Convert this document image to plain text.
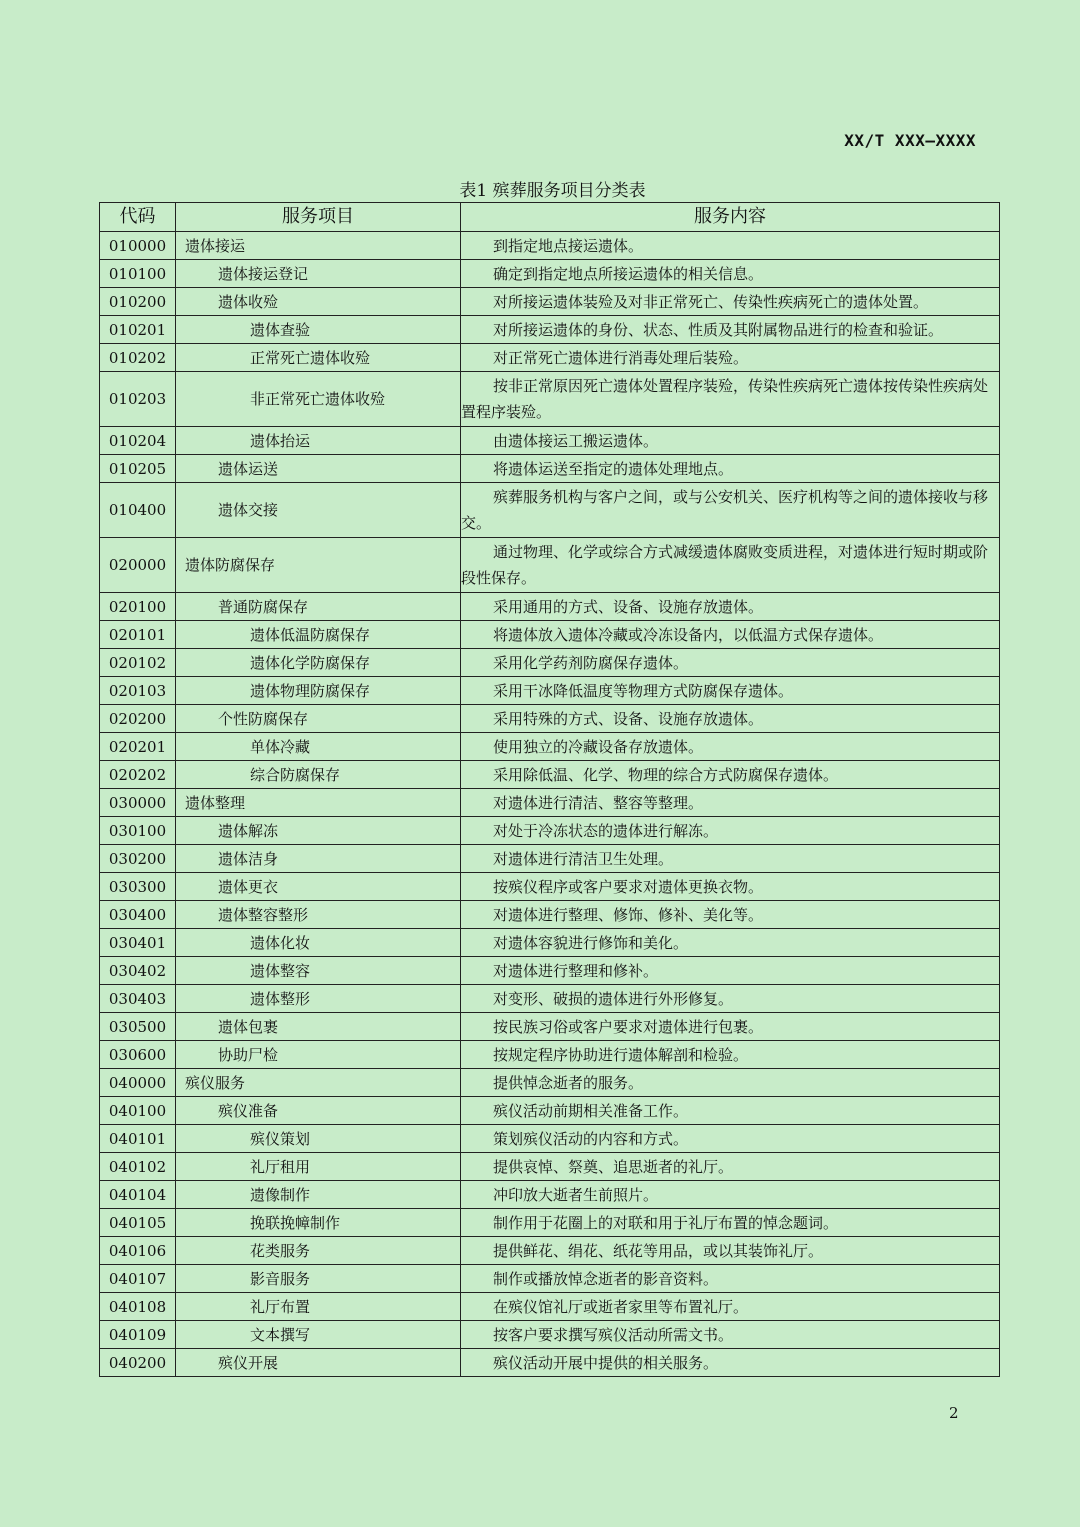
XX/T XXX—XXXX
表1 殡葬服务项目分类表
代码	服务项目	服务内容
010000	遗体接运	到指定地点接运遗体。
010100	遗体接运登记	确定到指定地点所接运遗体的相关信息。
010200	遗体收殓	对所接运遗体装殓及对非正常死亡、传染性疾病死亡的遗体处置。
010201	遗体查验	对所接运遗体的身份、状态、性质及其附属物品进行的检查和验证。
010202	正常死亡遗体收殓	对正常死亡遗体进行消毒处理后装殓。
010203	非正常死亡遗体收殓	按非正常原因死亡遗体处置程序装殓，传染性疾病死亡遗体按传染性疾病处置程序装殓。
010204	遗体抬运	由遗体接运工搬运遗体。
010205	遗体运送	将遗体运送至指定的遗体处理地点。
010400	遗体交接	殡葬服务机构与客户之间，或与公安机关、医疗机构等之间的遗体接收与移交。
020000	遗体防腐保存	通过物理、化学或综合方式减缓遗体腐败变质进程，对遗体进行短时期或阶段性保存。
020100	普通防腐保存	采用通用的方式、设备、设施存放遗体。
020101	遗体低温防腐保存	将遗体放入遗体冷藏或冷冻设备内，以低温方式保存遗体。
020102	遗体化学防腐保存	采用化学药剂防腐保存遗体。
020103	遗体物理防腐保存	采用干冰降低温度等物理方式防腐保存遗体。
020200	个性防腐保存	采用特殊的方式、设备、设施存放遗体。
020201	单体冷藏	使用独立的冷藏设备存放遗体。
020202	综合防腐保存	采用除低温、化学、物理的综合方式防腐保存遗体。
030000	遗体整理	对遗体进行清洁、整容等整理。
030100	遗体解冻	对处于冷冻状态的遗体进行解冻。
030200	遗体洁身	对遗体进行清洁卫生处理。
030300	遗体更衣	按殡仪程序或客户要求对遗体更换衣物。
030400	遗体整容整形	对遗体进行整理、修饰、修补、美化等。
030401	遗体化妆	对遗体容貌进行修饰和美化。
030402	遗体整容	对遗体进行整理和修补。
030403	遗体整形	对变形、破损的遗体进行外形修复。
030500	遗体包裹	按民族习俗或客户要求对遗体进行包裹。
030600	协助尸检	按规定程序协助进行遗体解剖和检验。
040000	殡仪服务	提供悼念逝者的服务。
040100	殡仪准备	殡仪活动前期相关准备工作。
040101	殡仪策划	策划殡仪活动的内容和方式。
040102	礼厅租用	提供哀悼、祭奠、追思逝者的礼厅。
040104	遗像制作	冲印放大逝者生前照片。
040105	挽联挽幛制作	制作用于花圈上的对联和用于礼厅布置的悼念题词。
040106	花类服务	提供鲜花、绢花、纸花等用品，或以其装饰礼厅。
040107	影音服务	制作或播放悼念逝者的影音资料。
040108	礼厅布置	在殡仪馆礼厅或逝者家里等布置礼厅。
040109	文本撰写	按客户要求撰写殡仪活动所需文书。
040200	殡仪开展	殡仪活动开展中提供的相关服务。
2
